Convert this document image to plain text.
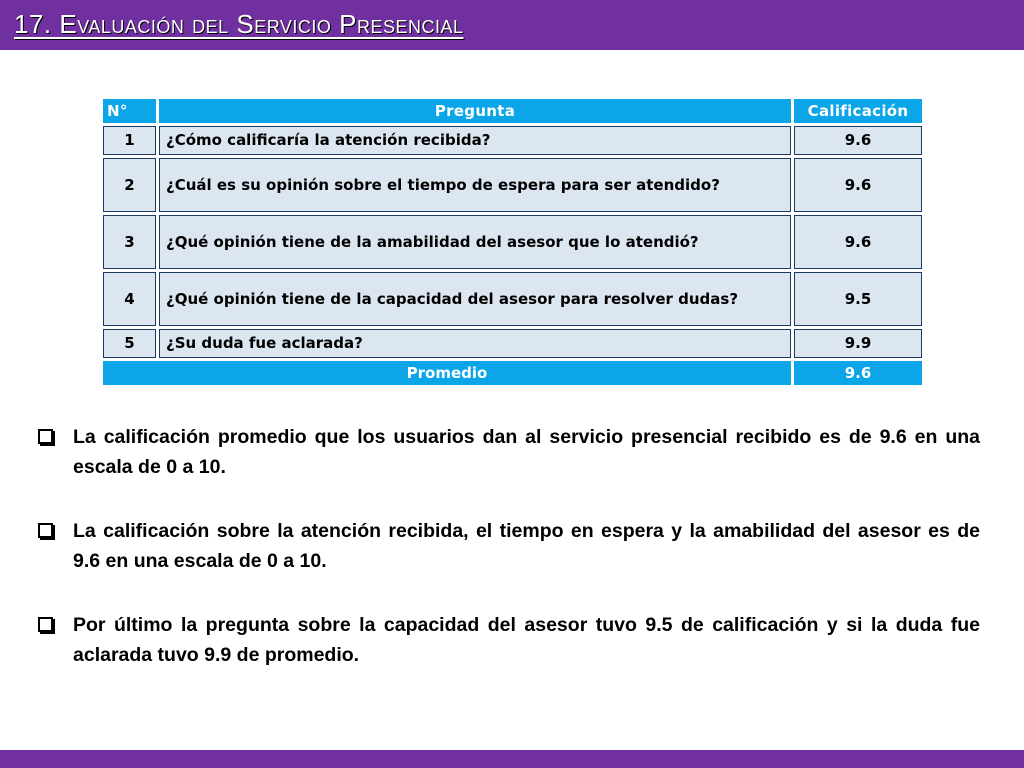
17. Evaluación del Servicio Presencial
N°	Pregunta	Calificación
1	¿Cómo calificaría la atención recibida?	9.6
2	¿Cuál es su opinión sobre el tiempo de espera para ser atendido?	9.6
3	¿Qué opinión tiene de la amabilidad del asesor que lo atendió?	9.6
4	¿Qué opinión tiene de la capacidad del asesor para resolver dudas?	9.5
5	¿Su duda fue aclarada?	9.9
Promedio		9.6
La calificación promedio que los usuarios dan al servicio presencial recibido es de 9.6 en una escala de 0 a 10.
La calificación sobre la atención recibida, el tiempo en espera y la amabilidad del asesor es de 9.6 en una escala de 0 a 10.
Por último la pregunta sobre la capacidad del asesor tuvo 9.5 de calificación y si la duda fue aclarada tuvo 9.9 de promedio.
